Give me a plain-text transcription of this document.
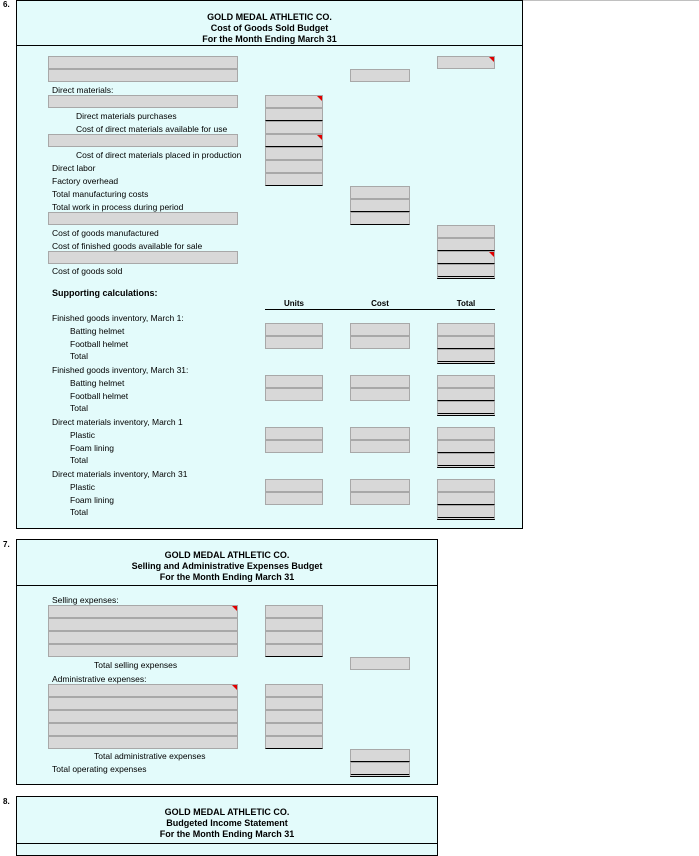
6.
GOLD MEDAL ATHLETIC CO.
Cost of Goods Sold Budget
For the Month Ending March 31
Direct materials:
Direct materials purchases
Cost of direct materials available for use
Cost of direct materials placed in production
Direct labor
Factory overhead
Total manufacturing costs
Total work in process during period
Cost of goods manufactured
Cost of finished goods available for sale
Cost of goods sold
Supporting calculations:
Units	Cost	Total
Finished goods inventory, March 1:
Batting helmet
Football helmet
Total
Finished goods inventory, March 31:
Batting helmet
Football helmet
Total
Direct materials inventory, March 1
Plastic
Foam lining
Total
Direct materials inventory, March 31
Plastic
Foam lining
Total
7.
GOLD MEDAL ATHLETIC CO.
Selling and Administrative Expenses Budget
For the Month Ending March 31
Selling expenses:
Total selling expenses
Administrative expenses:
Total administrative expenses
Total operating expenses
8.
GOLD MEDAL ATHLETIC CO.
Budgeted Income Statement
For the Month Ending March 31
